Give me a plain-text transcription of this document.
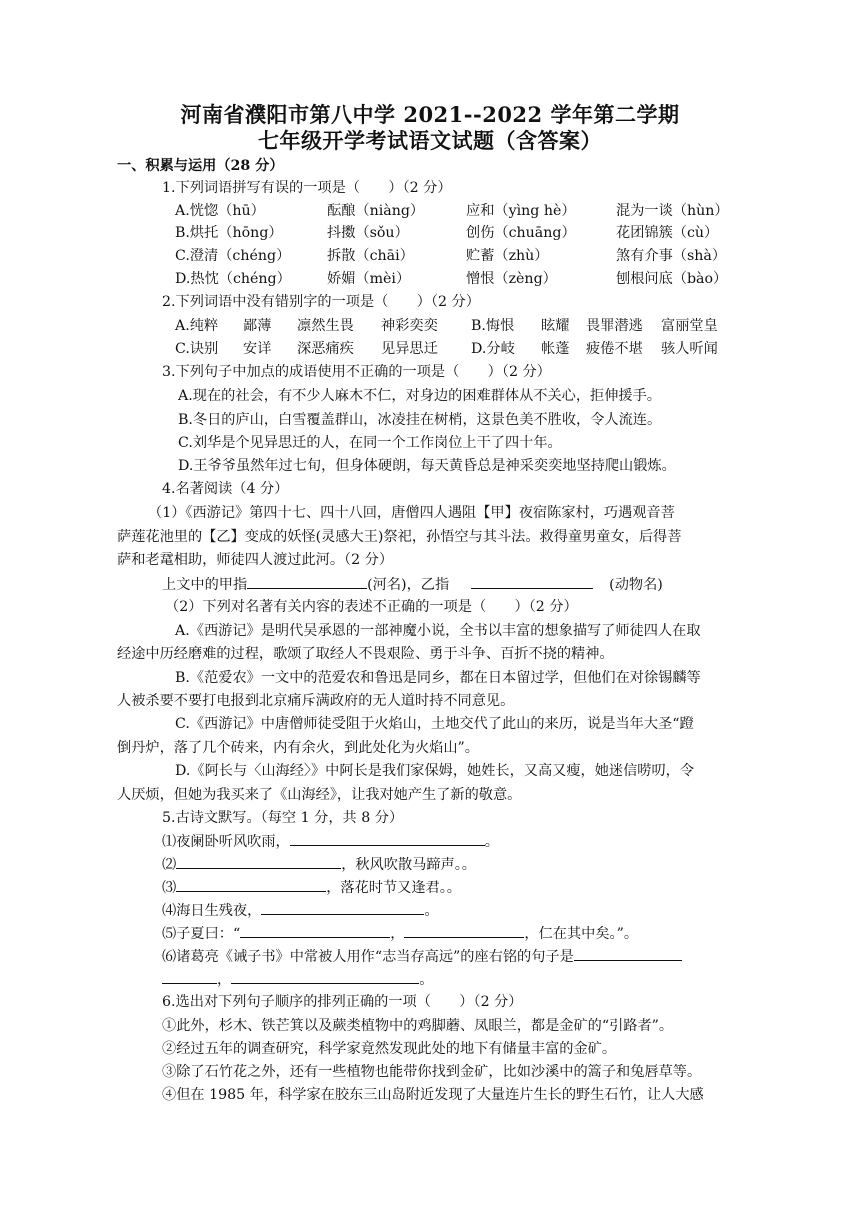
河南省濮阳市第八中学 2021--2022 学年第二学期
七年级开学考试语文试题（含答案）
一、积累与运用（28 分）
1.下列词语拼写有误的一项是（　　）（2 分）
A.恍惚（hū）	酝酿（niàng）	应和（yìng hè）	混为一谈（hùn）
B.烘托（hōng）	抖擞（sǒu）	创伤（chuāng）	花团锦簇（cù）
C.澄清（chéng）	拆散（chāi）	贮蓄（zhù）	煞有介事（shà）
D.热忱（chéng）	娇媚（mèi）	憎恨（zèng）	刨根问底（bào）
2.下列词语中没有错别字的一项是（　　）（2 分）
A.纯粹 鄙薄 凛然生畏 神彩奕奕 B.悔恨 眩耀 畏罪潜逃 富丽堂皇
C.诀别 安详 深恶痛疾 见异思迁 D.分岐 帐蓬 疲倦不堪 骇人听闻
3.下列句子中加点的成语使用不正确的一项是（　　）（2 分）
A.现在的社会，有不少人麻木不仁，对身边的困难群体从不关心，拒伸援手。
B.冬日的庐山，白雪覆盖群山，冰凌挂在树梢，这景色美不胜收，令人流连。
C.刘华是个见异思迁的人，在同一个工作岗位上干了四十年。
D.王爷爷虽然年过七旬，但身体硬朗，每天黄昏总是神采奕奕地坚持爬山锻炼。
4.名著阅读（4 分）
（1）《西游记》第四十七、四十八回，唐僧四人遇阻【甲】夜宿陈家村，巧遇观音菩
萨莲花池里的【乙】变成的妖怪(灵感大王)祭祀，孙悟空与其斗法。救得童男童女，后得菩
萨和老鼋相助，师徒四人渡过此河。（2 分）
上文中的甲指	(河名)，乙指	(动物名)
（2）下列对名著有关内容的表述不正确的一项是（　　）（2 分）
A.《西游记》是明代吴承恩的一部神魔小说，全书以丰富的想象描写了师徒四人在取
经途中历经磨难的过程，歌颂了取经人不畏艰险、勇于斗争、百折不挠的精神。
B.《范爱农》一文中的范爱农和鲁迅是同乡，都在日本留过学，但他们在对徐锡麟等
人被杀要不要打电报到北京痛斥满政府的无人道时持不同意见。
C.《西游记》中唐僧师徒受阻于火焰山，土地交代了此山的来历，说是当年大圣“蹬
倒丹炉，落了几个砖来，内有余火，到此处化为火焰山”。
D.《阿长与〈山海经〉》中阿长是我们家保姆，她姓长，又高又瘦，她迷信唠叨，令
人厌烦，但她为我买来了《山海经》，让我对她产生了新的敬意。
5.古诗文默写。（每空 1 分，共 8 分）
⑴夜阑卧听风吹雨，	。
⑵	，秋风吹散马蹄声。。
⑶	，落花时节又逢君。。
⑷海日生残夜，	。
⑸子夏曰：“	，	，仁在其中矣。”。
⑹诸葛亮《诫子书》中常被人用作“志当存高远”的座右铭的句子是
，	。
6.选出对下列句子顺序的排列正确的一项（　　）（2 分）
①此外，杉木、铁芒箕以及蕨类植物中的鸡脚蘑、凤眼兰，都是金矿的“引路者”。
②经过五年的调查研究，科学家竟然发现此处的地下有储量丰富的金矿。
③除了石竹花之外，还有一些植物也能带你找到金矿，比如沙溪中的篙子和兔唇草等。
④但在 1985 年，科学家在胶东三山岛附近发现了大量连片生长的野生石竹，让人大感
